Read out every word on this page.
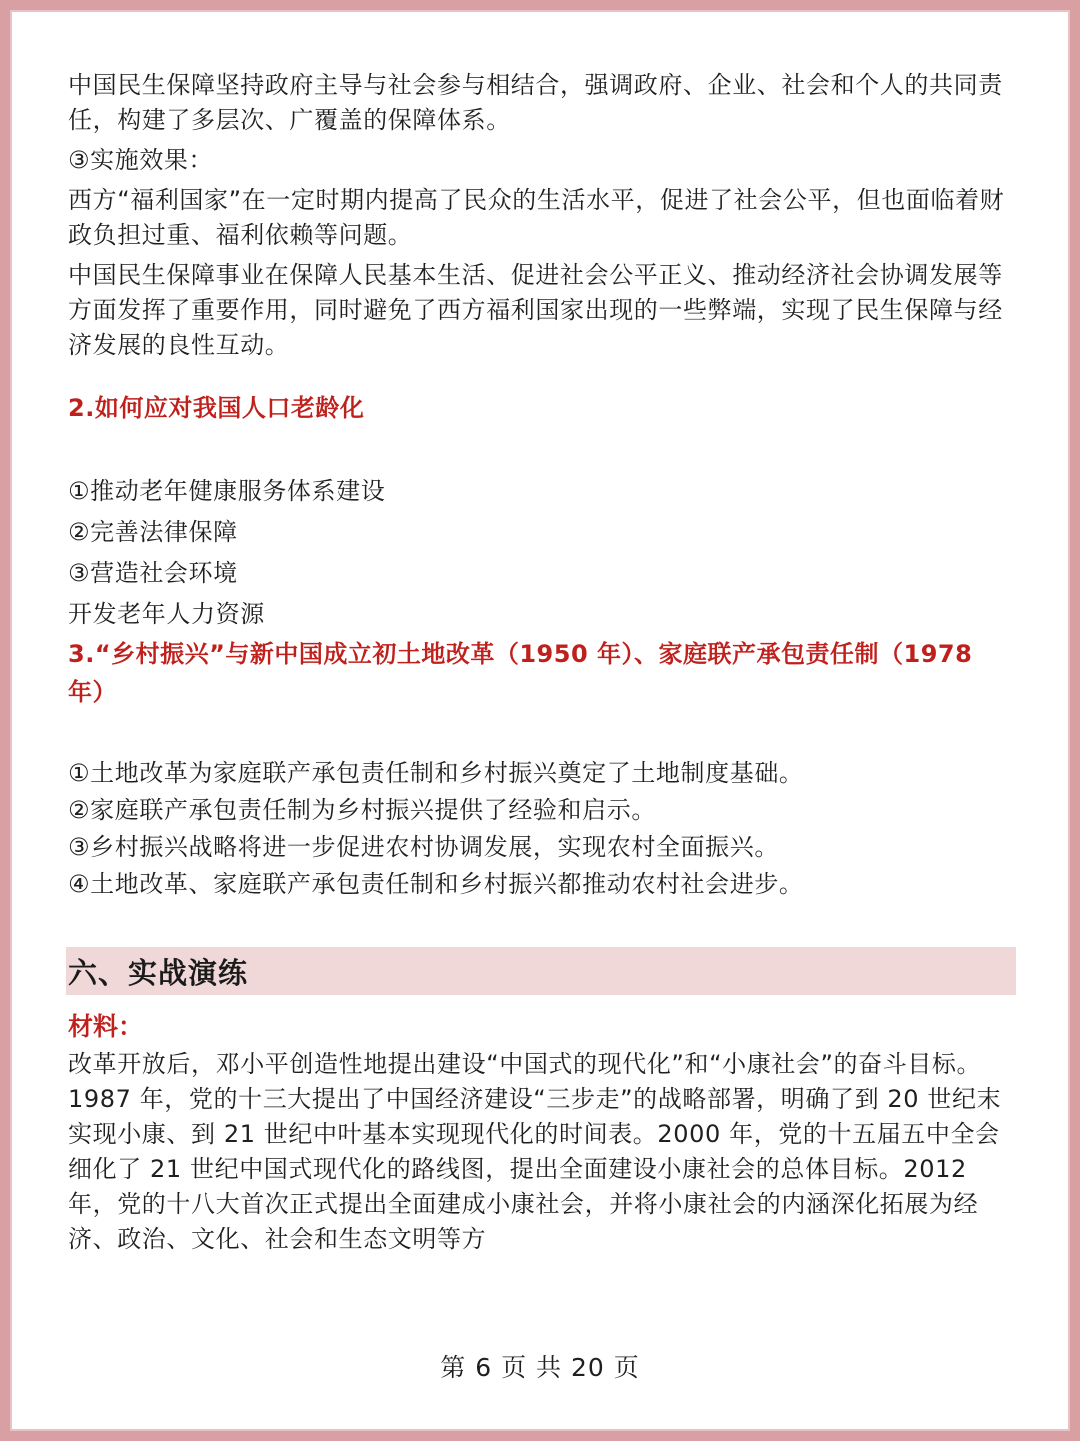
中国民生保障坚持政府主导与社会参与相结合，强调政府、企业、社会和个人的共同责任，构建了多层次、广覆盖的保障体系。

③实施效果：

西方“福利国家”在一定时期内提高了民众的生活水平，促进了社会公平，但也面临着财政负担过重、福利依赖等问题。

中国民生保障事业在保障人民基本生活、促进社会公平正义、推动经济社会协调发展等方面发挥了重要作用，同时避免了西方福利国家出现的一些弊端，实现了民生保障与经济发展的良性互动。

2.如何应对我国人口老龄化

①推动老年健康服务体系建设

②完善法律保障

③营造社会环境

开发老年人力资源

3.“乡村振兴”与新中国成立初土地改革（1950 年）、家庭联产承包责任制（1978 年）

①土地改革为家庭联产承包责任制和乡村振兴奠定了土地制度基础。

②家庭联产承包责任制为乡村振兴提供了经验和启示。

③乡村振兴战略将进一步促进农村协调发展，实现农村全面振兴。

④土地改革、家庭联产承包责任制和乡村振兴都推动农村社会进步。

六、实战演练

材料：

改革开放后，邓小平创造性地提出建设“中国式的现代化”和“小康社会”的奋斗目标。1987 年，党的十三大提出了中国经济建设“三步走”的战略部署，明确了到 20 世纪末实现小康、到 21 世纪中叶基本实现现代化的时间表。2000 年，党的十五届五中全会细化了 21 世纪中国式现代化的路线图，提出全面建设小康社会的总体目标。2012 年，党的十八大首次正式提出全面建成小康社会，并将小康社会的内涵深化拓展为经济、政治、文化、社会和生态文明等方

第 6 页 共 20 页
